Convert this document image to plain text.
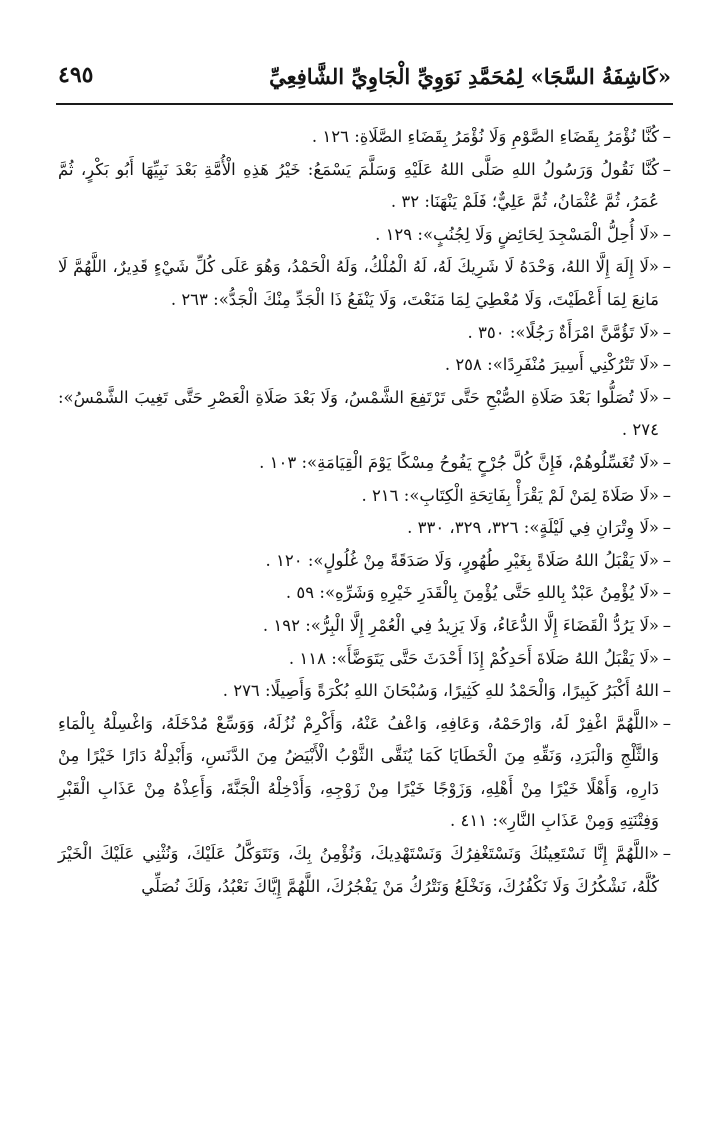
«كَاشِفَةُ السَّجَا» لِمُحَمَّدِ نَوَوِيِّ الْجَاوِيِّ الشَّافِعِيِّ
٤٩٥
– كُنَّا نُؤْمَرُ بِقَضَاءِ الصَّوْمِ وَلَا نُؤْمَرُ بِقَضَاءِ الصَّلَاةِ: ١٢٦ .
– كُنَّا نَقُولُ وَرَسُولُ اللهِ صَلَّى اللهُ عَلَيْهِ وَسَلَّمَ يَسْمَعُ: خَيْرُ هَذِهِ الْأُمَّةِ بَعْدَ نَبِيِّهَا أَبُو بَكْرٍ، ثُمَّ عُمَرُ، ثُمَّ عُثْمَانُ، ثُمَّ عَلِيٌّ؛ فَلَمْ يَنْهَنَا: ٣٢ .
– «لَا أُحِلُّ الْمَسْجِدَ لِحَائِضٍ وَلَا لِجُنُبٍ»: ١٢٩ .
– «لَا إِلَهَ إِلَّا اللهُ، وَحْدَهُ لَا شَرِيكَ لَهُ، لَهُ الْمُلْكُ، وَلَهُ الْحَمْدُ، وَهُوَ عَلَى كُلِّ شَيْءٍ قَدِيرٌ، اللَّهُمَّ لَا مَانِعَ لِمَا أَعْطَيْتَ، وَلَا مُعْطِيَ لِمَا مَنَعْتَ، وَلَا يَنْفَعُ ذَا الْجَدِّ مِنْكَ الْجَدُّ»: ٢٦٣ .
– «لَا تَؤُمَّنَّ امْرَأَةٌ رَجُلًا»: ٣٥٠ .
– «لَا تَتْرُكْنِي أَسِيرَ مُنْفَرِدًا»: ٢٥٨ .
– «لَا تُصَلُّوا بَعْدَ صَلَاةِ الصُّبْحِ حَتَّى تَرْتَفِعَ الشَّمْسُ، وَلَا بَعْدَ صَلَاةِ الْعَصْرِ حَتَّى تَغِيبَ الشَّمْسُ»: ٢٧٤ .
– «لَا تُغَسِّلُوهُمْ، فَإِنَّ كُلَّ جُرْحٍ يَفُوحُ مِسْكًا يَوْمَ الْقِيَامَةِ»: ١٠٣ .
– «لَا صَلَاةَ لِمَنْ لَمْ يَقْرَأْ بِفَاتِحَةِ الْكِتَابِ»: ٢١٦ .
– «لَا وِتْرَانِ فِي لَيْلَةٍ»: ٣٢٦، ٣٢٩، ٣٣٠ .
– «لَا يَقْبَلُ اللهُ صَلَاةً بِغَيْرِ طُهُورٍ، وَلَا صَدَقَةً مِنْ غُلُولٍ»: ١٢٠ .
– «لَا يُؤْمِنُ عَبْدٌ بِاللهِ حَتَّى يُؤْمِنَ بِالْقَدَرِ خَيْرِهِ وَشَرِّهِ»: ٥٩ .
– «لَا يَرُدُّ الْقَضَاءَ إِلَّا الدُّعَاءُ، وَلَا يَزِيدُ فِي الْعُمْرِ إِلَّا الْبِرُّ»: ١٩٢ .
– «لَا يَقْبَلُ اللهُ صَلَاةَ أَحَدِكُمْ إِذَا أَحْدَثَ حَتَّى يَتَوَضَّأَ»: ١١٨ .
– اللهُ أَكْبَرُ كَبِيرًا، وَالْحَمْدُ للهِ كَثِيرًا، وَسُبْحَانَ اللهِ بُكْرَةً وَأَصِيلًا: ٢٧٦ .
– «اللَّهُمَّ اغْفِرْ لَهُ، وَارْحَمْهُ، وَعَافِهِ، وَاعْفُ عَنْهُ، وَأَكْرِمْ نُزُلَهُ، وَوَسِّعْ مُدْخَلَهُ، وَاغْسِلْهُ بِالْمَاءِ وَالثَّلْجِ وَالْبَرَدِ، وَنَقِّهِ مِنَ الْخَطَايَا كَمَا يُنَقَّى الثَّوْبُ الْأَبْيَضُ مِنَ الدَّنَسِ، وَأَبْدِلْهُ دَارًا خَيْرًا مِنْ دَارِهِ، وَأَهْلًا خَيْرًا مِنْ أَهْلِهِ، وَزَوْجًا خَيْرًا مِنْ زَوْجِهِ، وَأَدْخِلْهُ الْجَنَّةَ، وَأَعِذْهُ مِنْ عَذَابِ الْقَبْرِ وَفِتْنَتِهِ وَمِنْ عَذَابِ النَّارِ»: ٤١١ .
– «اللَّهُمَّ إِنَّا نَسْتَعِينُكَ وَنَسْتَغْفِرُكَ وَنَسْتَهْدِيكَ، وَنُؤْمِنُ بِكَ، وَنَتَوَكَّلُ عَلَيْكَ، وَنُثْنِي عَلَيْكَ الْخَيْرَ كُلَّهُ، نَشْكُرُكَ وَلَا نَكْفُرُكَ، وَنَخْلَعُ وَنَتْرُكُ مَنْ يَفْجُرُكَ، اللَّهُمَّ إِيَّاكَ نَعْبُدُ، وَلَكَ نُصَلِّي
